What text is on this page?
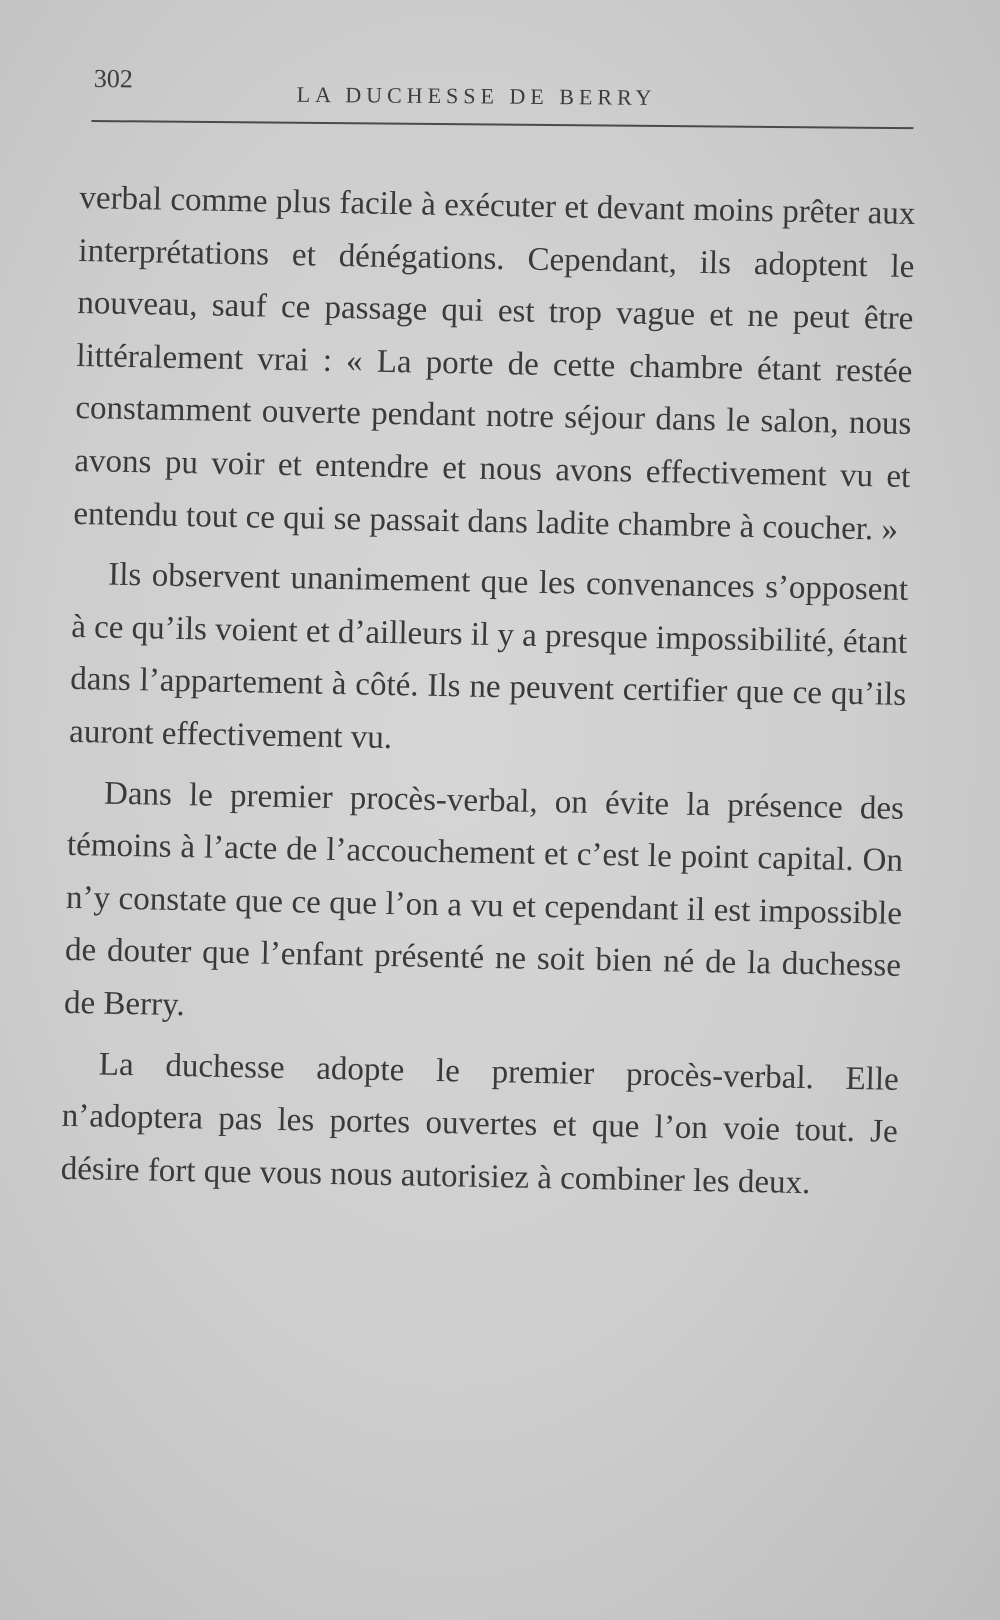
302
LA DUCHESSE DE BERRY

verbal comme plus facile à exécuter et devant moins prêter aux interprétations et dénégations. Cependant, ils adoptent le nouveau, sauf ce passage qui est trop vague et ne peut être littéralement vrai : « La porte de cette chambre étant restée constamment ouverte pendant notre séjour dans le salon, nous avons pu voir et entendre et nous avons effectivement vu et entendu tout ce qui se passait dans ladite chambre à coucher. »

Ils observent unanimement que les convenances s’opposent à ce qu’ils voient et d’ailleurs il y a presque impossibilité, étant dans l’appartement à côté. Ils ne peuvent certifier que ce qu’ils auront effectivement vu.

Dans le premier procès-verbal, on évite la présence des témoins à l’acte de l’accouchement et c’est le point capital. On n’y constate que ce que l’on a vu et cependant il est impossible de douter que l’enfant présenté ne soit bien né de la duchesse de Berry.

La duchesse adopte le premier procès-verbal. Elle n’adoptera pas les portes ouvertes et que l’on voie tout. Je désire fort que vous nous autorisiez à combiner les deux.
